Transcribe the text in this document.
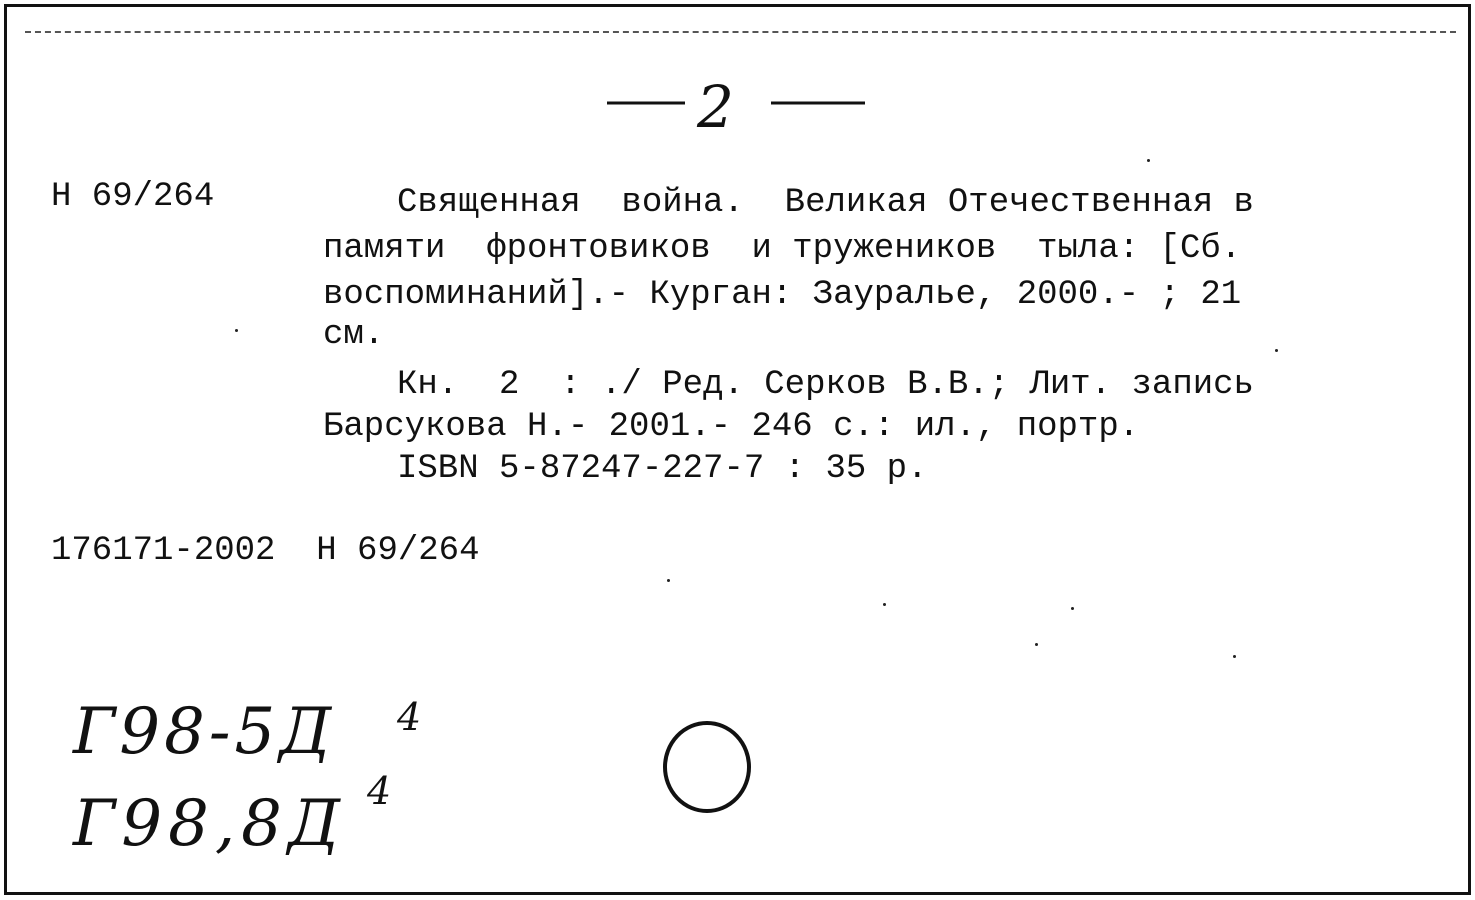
2
Н 69/264	Священная  война.  Великая Отечественная в
памяти  фронтовиков  и тружеников  тыла: [Сб.
воспоминаний].- Курган: Зауралье, 2000.- ; 21
см.
Кн.  2  : ./ Ред. Серков В.В.; Лит. запись
Барсукова Н.- 2001.- 246 с.: ил., портр.
ISBN 5-87247-227-7 : 35 р.
176171-2002  Н 69/264
Г98-5Д 4
Г98,8Д 4
